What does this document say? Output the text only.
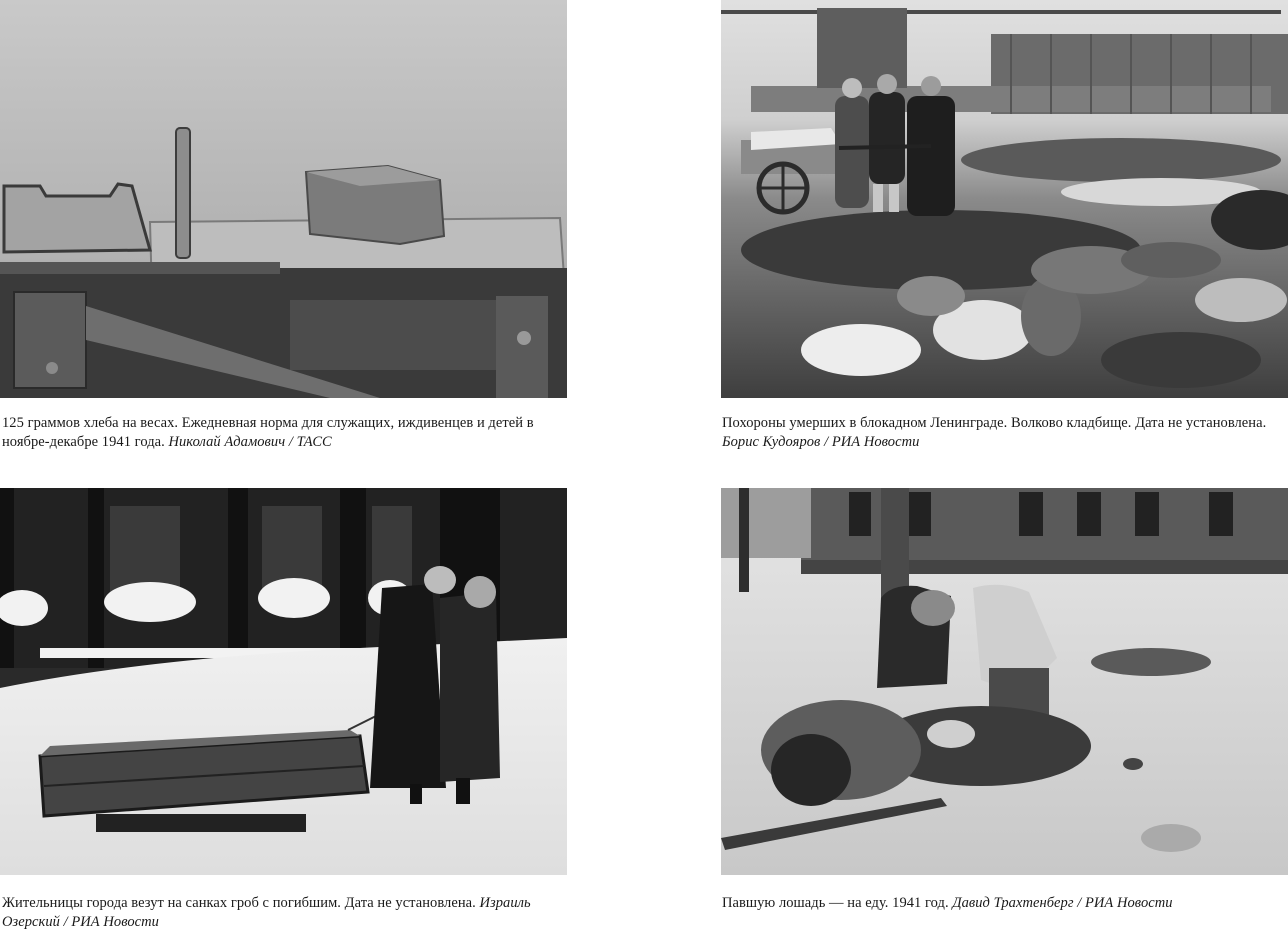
125 граммов хлеба на весах. Ежедневная норма для служащих, иждивенцев и детей в ноябре-декабре 1941 года. Николай Адамович / ТАСС
Похороны умерших в блокадном Ленинграде. Волково кладбище. Дата не установлена. Борис Кудояров / РИА Новости
Жительницы города везут на санках гроб с погибшим. Дата не установлена. Израиль Озерский / РИА Новости
Павшую лошадь — на еду. 1941 год. Давид Трахтенберг / РИА Новости
